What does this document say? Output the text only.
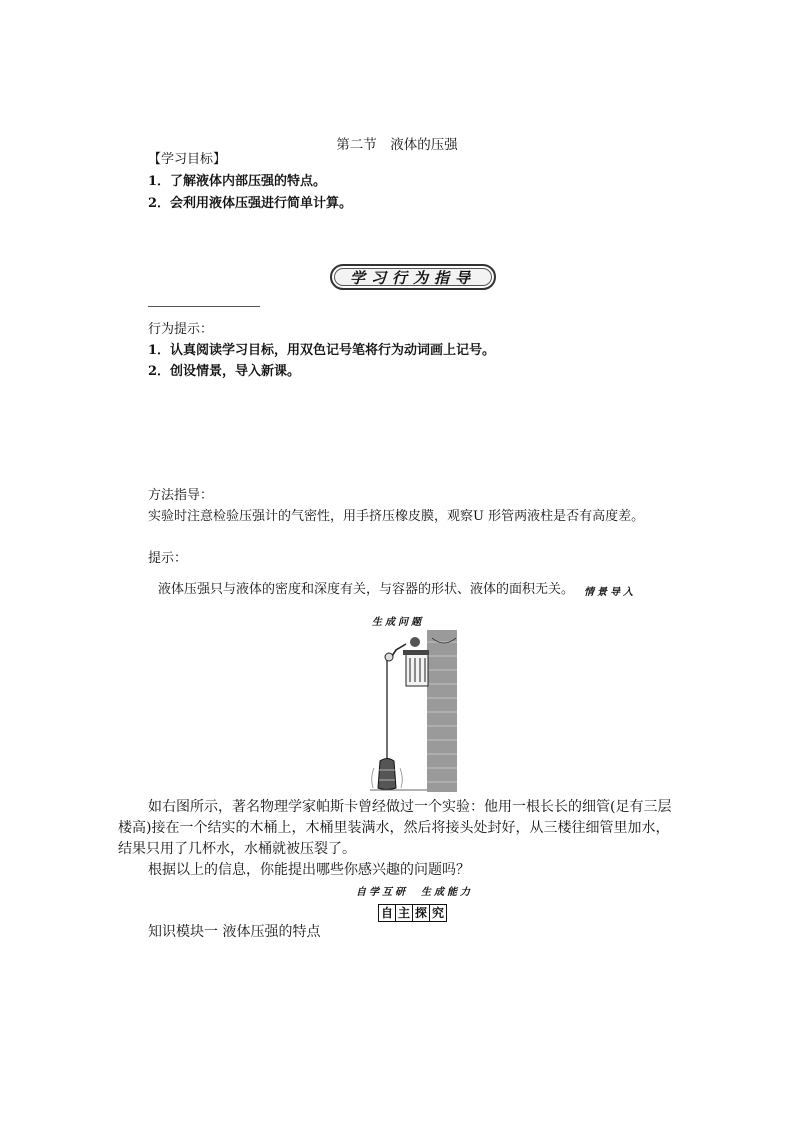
第二节　液体的压强
【学习目标】
1．了解液体内部压强的特点。
2．会利用液体压强进行简单计算。
学习行为指导
行为提示：
1．认真阅读学习目标，用双色记号笔将行为动词画上记号。
2．创设情景，导入新课。
方法指导：
实验时注意检验压强计的气密性，用手挤压橡皮膜，观察U 形管两液柱是否有高度差。
提示：
液体压强只与液体的密度和深度有关，与容器的形状、液体的面积无关。 情景导入
生成问题
如右图所示，著名物理学家帕斯卡曾经做过一个实验：他用一根长长的细管(足有三层
楼高)接在一个结实的木桶上，木桶里装满水，然后将接头处封好，从三楼往细管里加水，
结果只用了几杯水，水桶就被压裂了。
根据以上的信息，你能提出哪些你感兴趣的问题吗？
自学互研　生成能力
自 主 探 究
知识模块一 液体压强的特点
